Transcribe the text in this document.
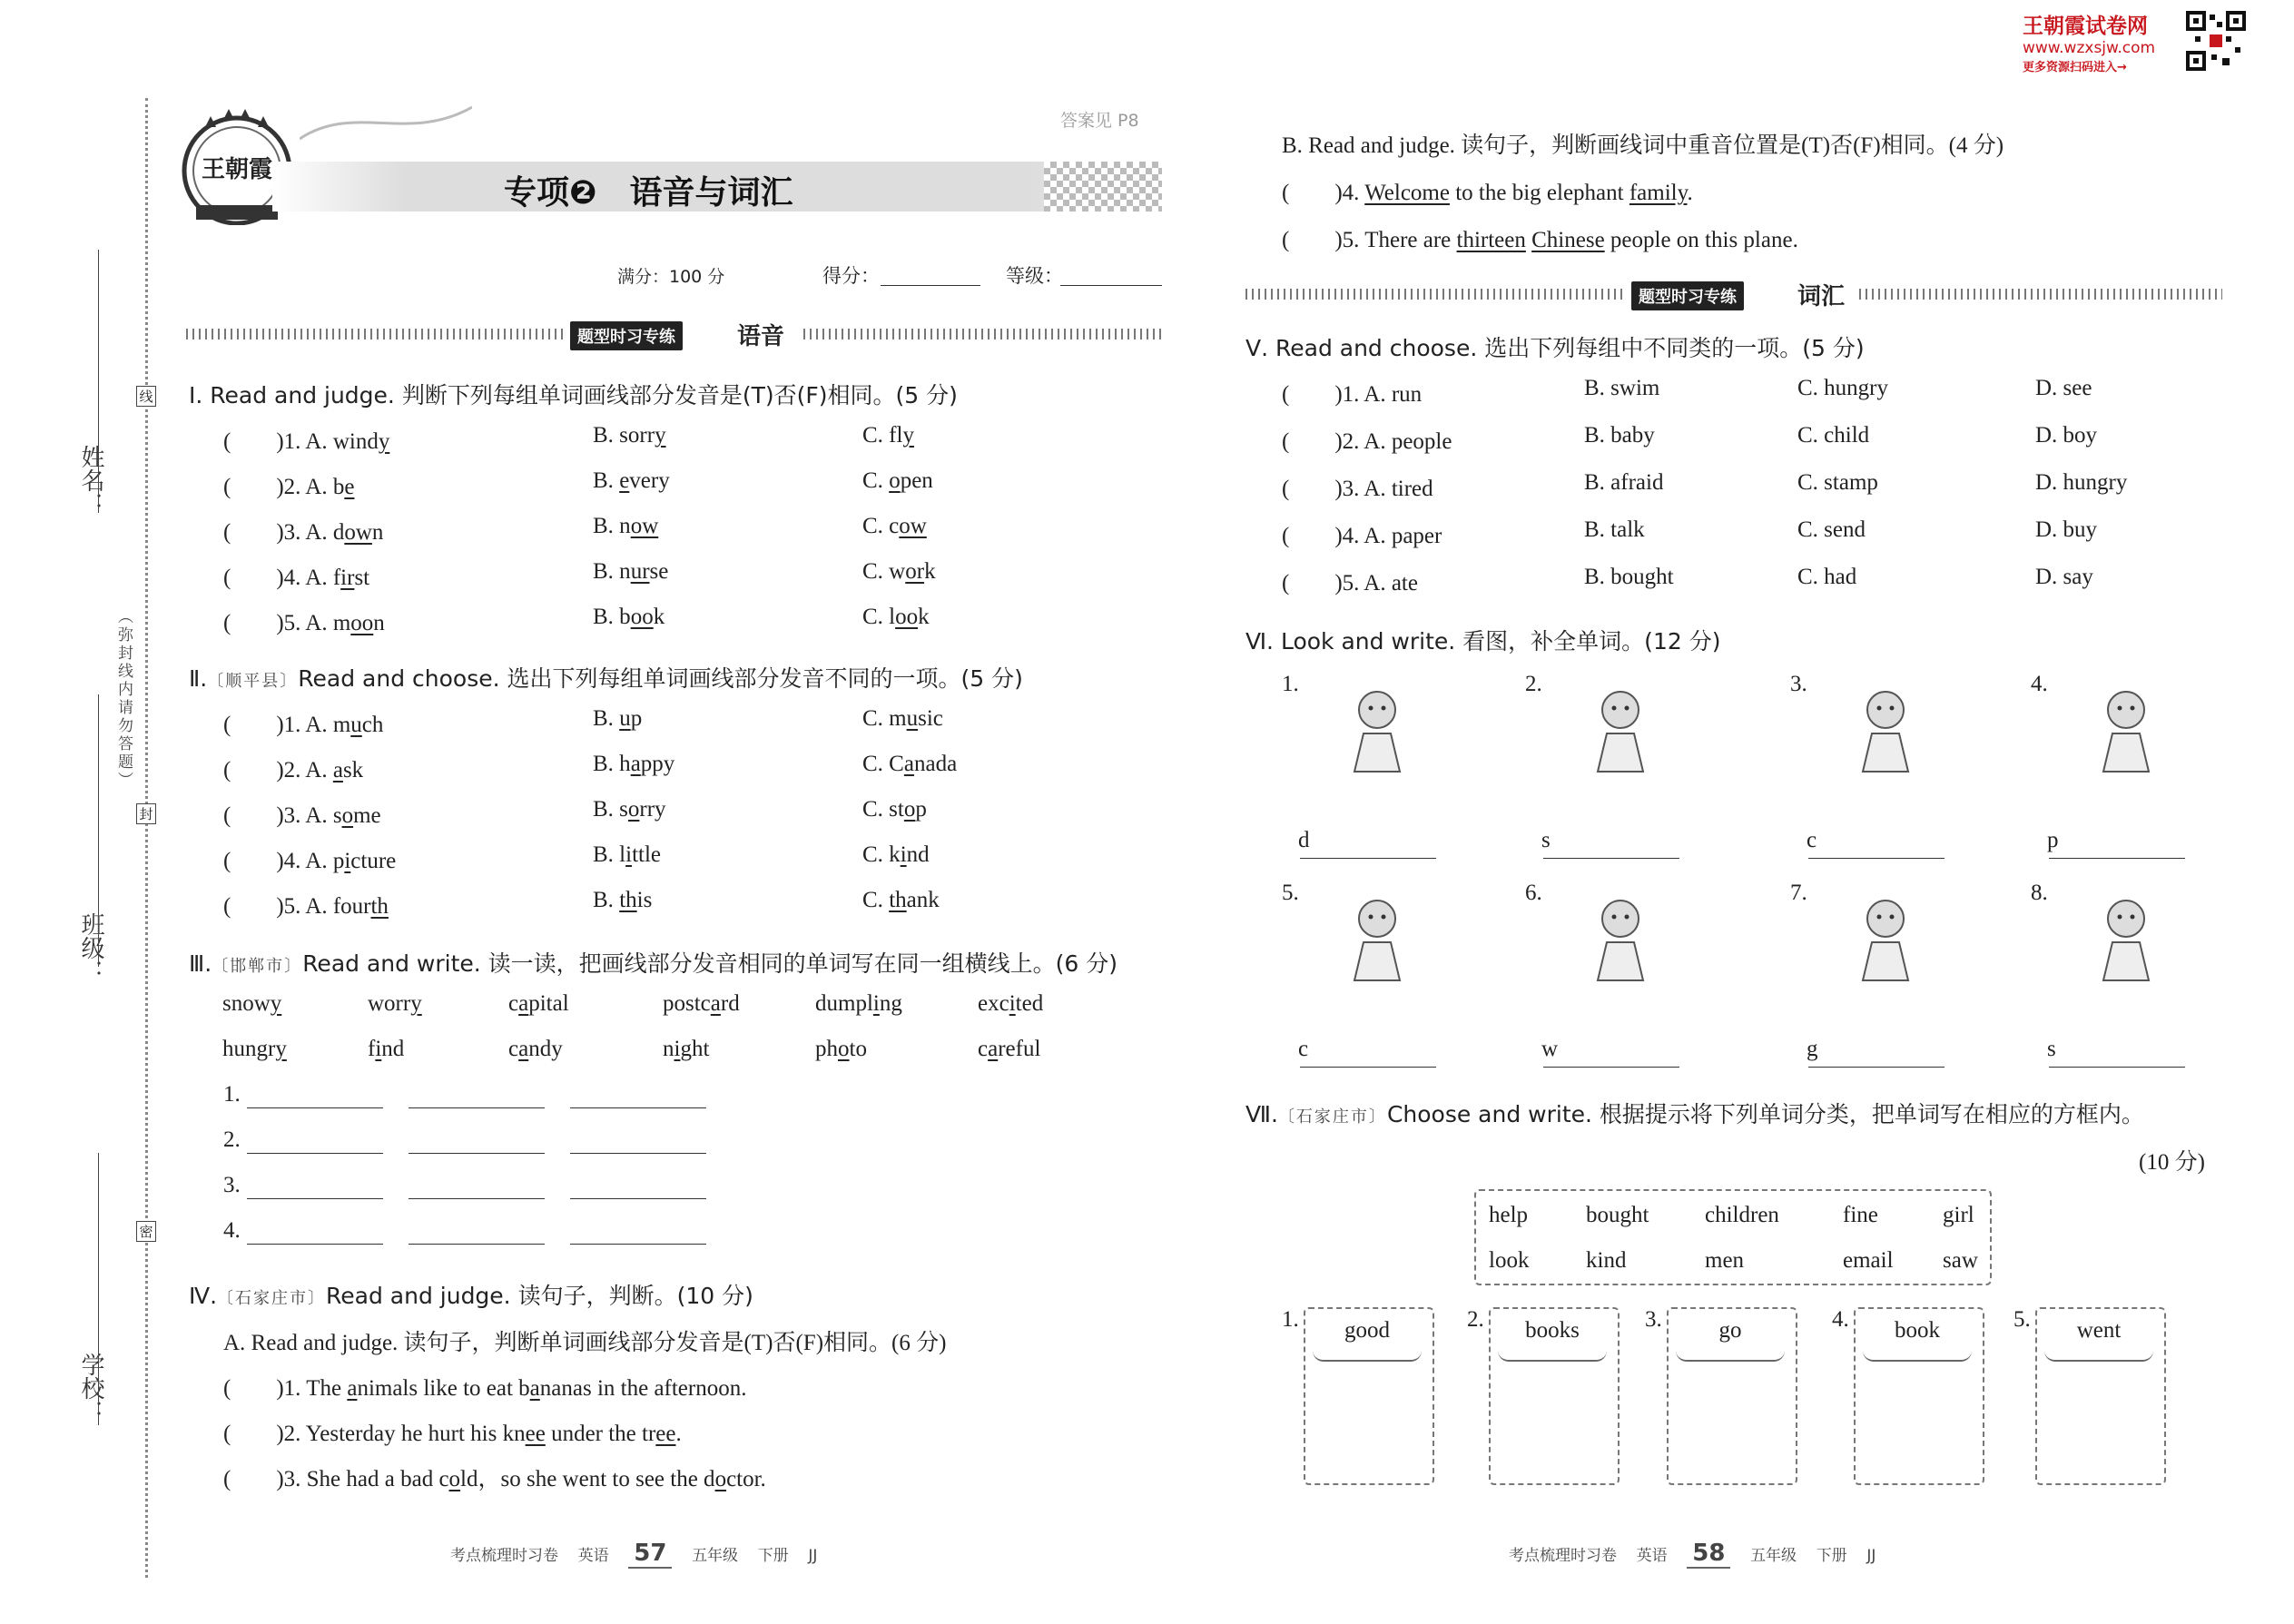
姓名：
班级：
学校：
（弥封线内请勿答题）
线
封
密
王朝霞
答案见 P8
专项❷　语音与词汇
满分：100 分	得分：	等级：
题型时习专练	语音
Ⅰ. Read and judge. 判断下列每组单词画线部分发音是(T)否(F)相同。(5 分)
(　　)1. A. windy	B. sorry	C. fly
(　　)2. A. be	B. every	C. open
(　　)3. A. down	B. now	C. cow
(　　)4. A. first	B. nurse	C. work
(　　)5. A. moon	B. book	C. look
Ⅱ.〔顺平县〕Read and choose. 选出下列每组单词画线部分发音不同的一项。(5 分)
(　　)1. A. much	B. up	C. music
(　　)2. A. ask	B. happy	C. Canada
(　　)3. A. some	B. sorry	C. stop
(　　)4. A. picture	B. little	C. kind
(　　)5. A. fourth	B. this	C. thank
Ⅲ.〔邯郸市〕Read and write. 读一读，把画线部分发音相同的单词写在同一组横线上。(6 分)
snowy	worry	capital	postcard	dumpling	excited
hungry	find	candy	night	photo	careful
1.
2.
3.
4.
Ⅳ.〔石家庄市〕Read and judge. 读句子，判断。(10 分)
A. Read and judge. 读句子，判断单词画线部分发音是(T)否(F)相同。(6 分)
(　　)1. The animals like to eat bananas in the afternoon.
(　　)2. Yesterday he hurt his knee under the tree.
(　　)3. She had a bad cold，so she went to see the doctor.
考点梳理时习卷 英语 57 五年级 下册 JJ
王朝霞试卷网
www.wzxsjw.com
更多资源扫码进入→
B. Read and judge. 读句子，判断画线词中重音位置是(T)否(F)相同。(4 分)
(　　)4. Welcome to the big elephant family.
(　　)5. There are thirteen Chinese people on this plane.
题型时习专练	词汇
Ⅴ. Read and choose. 选出下列每组中不同类的一项。(5 分)
(　　)1. A. run	B. swim	C. hungry	D. see
(　　)2. A. people	B. baby	C. child	D. boy
(　　)3. A. tired	B. afraid	C. stamp	D. hungry
(　　)4. A. paper	B. talk	C. send	D. buy
(　　)5. A. ate	B. bought	C. had	D. say
Ⅵ. Look and write. 看图，补全单词。(12 分)
1.
d
2.
s
3.
c
4.
p
5.
c
6.
w
7.
g
8.
s
Ⅶ.〔石家庄市〕Choose and write. 根据提示将下列单词分类，把单词写在相应的方框内。
(10 分)
help	bought children	fine	girl
look	kind	men	email saw
1.	good	2.	books	3.	go	4.	book	5.	went
考点梳理时习卷 英语 58 五年级 下册 JJ
